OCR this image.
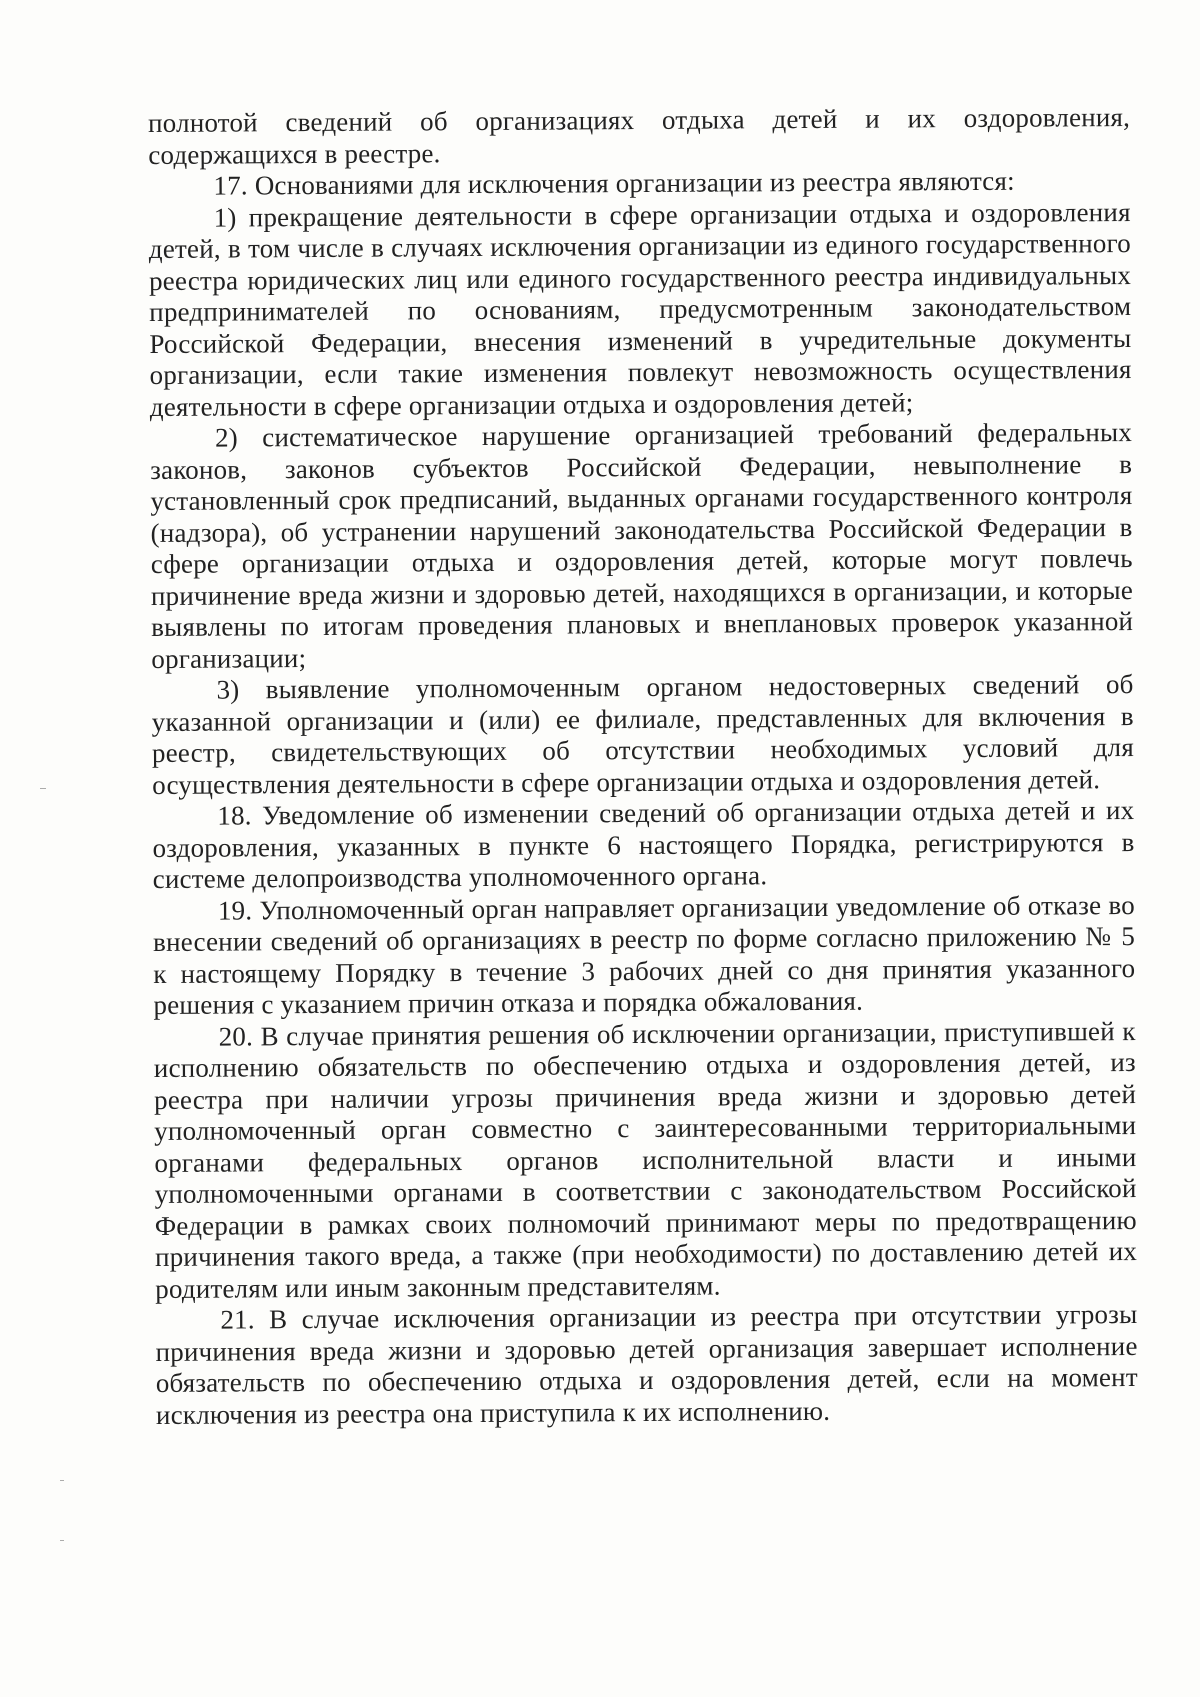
полнотой сведений об организациях отдыха детей и их оздоровления, содержащихся в реестре.

17. Основаниями для исключения организации из реестра являются:

1) прекращение деятельности в сфере организации отдыха и оздоровления детей, в том числе в случаях исключения организации из единого государственного реестра юридических лиц или единого государственного реестра индивидуальных предпринимателей по основаниям, предусмотренным законодательством Российской Федерации, внесения изменений в учредительные документы организации, если такие изменения повлекут невозможность осуществления деятельности в сфере организации отдыха и оздоровления детей;

2) систематическое нарушение организацией требований федеральных законов, законов субъектов Российской Федерации, невыполнение в установленный срок предписаний, выданных органами государственного контроля (надзора), об устранении нарушений законодательства Российской Федерации в сфере организации отдыха и оздоровления детей, которые могут повлечь причинение вреда жизни и здоровью детей, находящихся в организации, и которые выявлены по итогам проведения плановых и внеплановых проверок указанной организации;

3) выявление уполномоченным органом недостоверных сведений об указанной организации и (или) ее филиале, представленных для включения в реестр, свидетельствующих об отсутствии необходимых условий для осуществления деятельности в сфере организации отдыха и оздоровления детей.

18. Уведомление об изменении сведений об организации отдыха детей и их оздоровления, указанных в пункте 6 настоящего Порядка, регистрируются в системе делопроизводства уполномоченного органа.

19. Уполномоченный орган направляет организации уведомление об отказе во внесении сведений об организациях в реестр по форме согласно приложению № 5 к настоящему Порядку в течение 3 рабочих дней со дня принятия указанного решения с указанием причин отказа и порядка обжалования.

20. В случае принятия решения об исключении организации, приступившей к исполнению обязательств по обеспечению отдыха и оздоровления детей, из реестра при наличии угрозы причинения вреда жизни и здоровью детей уполномоченный орган совместно с заинтересованными территориальными органами федеральных органов исполнительной власти и иными уполномоченными органами в соответствии с законодательством Российской Федерации в рамках своих полномочий принимают меры по предотвращению причинения такого вреда, а также (при необходимости) по доставлению детей их родителям или иным законным представителям.

21. В случае исключения организации из реестра при отсутствии угрозы причинения вреда жизни и здоровью детей организация завершает исполнение обязательств по обеспечению отдыха и оздоровления детей, если на момент исключения из реестра она приступила к их исполнению.
